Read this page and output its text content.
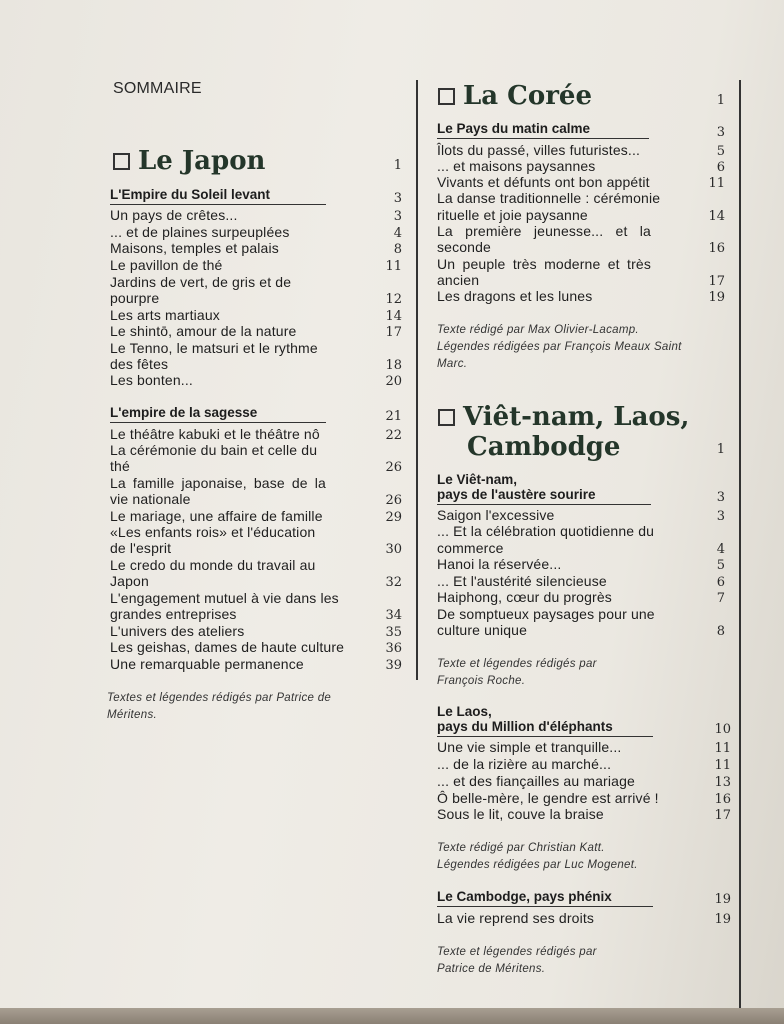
SOMMAIRE
Le Japon	1
L'Empire du Soleil levant	3
Un pays de crêtes...	3
... et de plaines surpeuplées	4
Maisons, temples et palais	8
Le pavillon de thé	11
Jardins de vert, de gris et de
pourpre	12
Les arts martiaux	14
Le shintō, amour de la nature	17
Le Tenno, le matsuri et le rythme
des fêtes	18
Les bonten...	20
L'empire de la sagesse	21
Le théâtre kabuki et le théâtre nô	22
La cérémonie du bain et celle du
thé	26
La famille japonaise, base de la
vie nationale	26
Le mariage, une affaire de famille	29
«Les enfants rois» et l'éducation
de l'esprit	30
Le credo du monde du travail au
Japon	32
L'engagement mutuel à vie dans les
grandes entreprises	34
L'univers des ateliers	35
Les geishas, dames de haute culture	36
Une remarquable permanence	39
Textes et légendes rédigés par Patrice de
Méritens.
La Corée	1
Le Pays du matin calme	3
Îlots du passé, villes futuristes...	5
... et maisons paysannes	6
Vivants et défunts ont bon appétit	11
La danse traditionnelle : cérémonie
rituelle et joie paysanne	14
La première jeunesse... et la
seconde	16
Un peuple très moderne et très
ancien	17
Les dragons et les lunes	19
Texte rédigé par Max Olivier-Lacamp.
Légendes rédigées par François Meaux Saint
Marc.
Viêt-nam, Laos,
Cambodge	1
Le Viêt-nam,
pays de l'austère sourire	3
Saigon l'excessive	3
... Et la célébration quotidienne du
commerce	4
Hanoi la réservée...	5
... Et l'austérité silencieuse	6
Haiphong, cœur du progrès	7
De somptueux paysages pour une
culture unique	8
Texte et légendes rédigés par
François Roche.
Le Laos,
pays du Million d'éléphants	10
Une vie simple et tranquille...	11
... de la rizière au marché...	11
... et des fiançailles au mariage	13
Ô belle-mère, le gendre est arrivé !	16
Sous le lit, couve la braise	17
Texte rédigé par Christian Katt.
Légendes rédigées par Luc Mogenet.
Le Cambodge, pays phénix	19
La vie reprend ses droits	19
Texte et légendes rédigés par
Patrice de Méritens.
